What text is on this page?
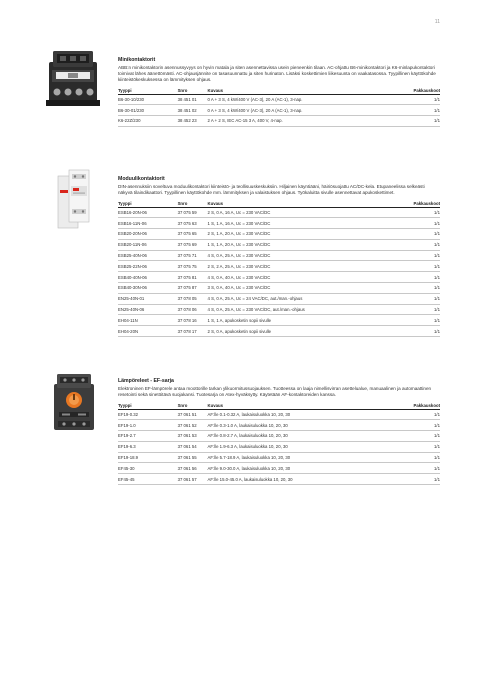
11
Minikontaktorit
ABB:n minikontaktorin asennussyvyys on hyvin matala ja siten asennettavissa usein pieneenkin tilaan. AC-ohjattu B6-minikontaktori ja K6-minlapukontaktori toimivat lähes äänettömästi. AC-ohjausjännite on tasasuunnattu ja siten hurinaton. Lisäksi koskettimien liikesuunta on vaakatasossa. Tyypillinen käyttökohde kiinteistökeskuksessa on lämmityksen ohjaus.
Tyyppi	Snro	Kuvaus	Pakkauskoot
B6-30-10/230	38 451 01	0 A + 3 S, 4 kW/400 V (AC-3), 20 A (AC-1), 3-nap.	1/1
B6-30-01/230	38 451 02	0 A + 3 S, 4 kW/400 V (AC-3), 20 A (AC-1), 3-nap.	1/1
K6-22Z/230	38 452 23	2 A + 2 S, IEC AC-15 3 A, 400 V, 4-nap.	1/1
Moduulikontaktorit
DIN-asennuksiin soveltuva moduulikontaktori kiinteistö- ja teollisuuskeskuksiin. Hiljainen käyntiääni, häiriösuojattu AC/DC-kela. Etupaneelissa selkeästi näkyvä tilaindikaattori. Tyypillinen käyttökohde mm. lämmityksen ja valaistuksen ohjaus. Työkaluitta sivulle asennettavat apukoskettimet.
Tyyppi	Snro	Kuvaus	Pakkauskoot
ESB16-20N-06	37 075 59	2 S, 0 A, 16 A, Uc = 230 VAC/DC	1/1
ESB16-11N-06	37 075 63	1 S, 1 A, 16 A, Uc = 230 VAC/DC	1/1
ESB20-20N-06	37 075 65	2 S, 1 A, 20 A, Uc = 230 VAC/DC	1/1
ESB20-11N-06	37 075 69	1 S, 1 A, 20 A, Uc = 230 VAC/DC	1/1
ESB25-40N-06	37 075 71	4 S, 0 A, 25 A, Uc = 230 VAC/DC	1/1
ESB25-22N-06	37 075 75	2 S, 2 A, 25 A, Uc = 230 VAC/DC	1/1
ESB40-40N-06	37 075 81	4 S, 0 A, 40 A, Uc = 230 VAC/DC	1/1
ESB40-30N-06	37 075 87	3 S, 0 A, 40 A, Uc = 230 VAC/DC	1/1
EN25-40N-01	37 078 05	4 S, 0 A, 25 A, Uc = 24 VAC/DC, aut./man.-ohjaus	1/1
EN25-40N-06	37 078 06	4 S, 0 A, 25 A, Uc = 230 VAC/DC, aut./man.-ohjaus	1/1
EH04-11N	37 078 16	1 S, 1 A, apukosketin sopii sivulle	1/1
EH04-20N	37 078 17	2 S, 0 A, apukosketin sopii sivulle	1/1
Lämpöreleet - EF-sarja
Elektroninen EF-lämpörele antaa moottorille tarkan ylikuormitussuojauksen. Tuotteessa on laaja nimellisvirran asettelualue, manuaalinen ja automaattinen resetointi sekä sinetöitävä suojakansi. Tuotesarja on Atex-hyväksytty. Käytetään AF-kontaktoreiden kanssa.
Tyyppi	Snro	Kuvaus	Pakkauskoot
EF19-0.32	37 061 51	AF:lle 0.1-0.32 A, laukaisuluokka 10, 20, 30	1/1
EF19-1.0	37 061 52	AF:lle 0.3-1.0 A, laukaisuluokka 10, 20, 30	1/1
EF19-2.7	37 061 53	AF:lle 0.8-2.7 A, laukaisuluokka 10, 20, 30	1/1
EF19-6.3	37 061 54	AF:lle 1.9-6.3 A, laukaisuluokka 10, 20, 30	1/1
EF19-18.9	37 061 55	AF:lle 5.7-18.9 A, laukaisuluokka 10, 20, 30	1/1
EF45-30	37 061 56	AF:lle 9.0-30.0 A, laukaisuluokka 10, 20, 30	1/1
EF45-45	37 061 57	AF:lle 15.0-45.0 A, laukaisuluokka 10, 20, 30	1/1
